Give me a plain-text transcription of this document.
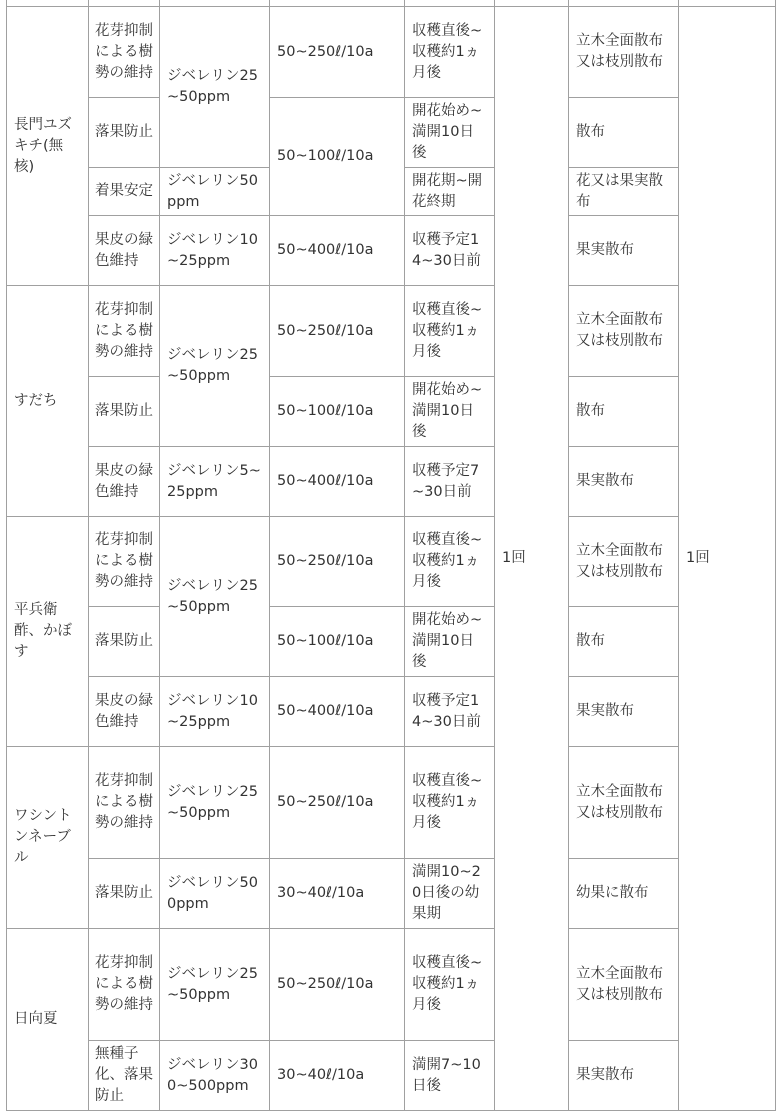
長門ユズキチ(無核)	花芽抑制による樹勢の維持	ジベレリン25~50ppm	50~250ℓ/10a	収穫直後~収穫約1ヵ月後	1回	立木全面散布又は枝別散布	1回
	落果防止		50~100ℓ/10a	開花始め~満開10日後		散布	
	着果安定	ジベレリン50ppm		開花期~開花終期		花又は果実散布	
	果皮の緑色維持	ジベレリン10~25ppm	50~400ℓ/10a	収穫予定14~30日前		果実散布	
すだち	花芽抑制による樹勢の維持	ジベレリン25~50ppm	50~250ℓ/10a	収穫直後~収穫約1ヵ月後		立木全面散布又は枝別散布	
	落果防止		50~100ℓ/10a	開花始め~満開10日後		散布	
	果皮の緑色維持	ジベレリン5~25ppm	50~400ℓ/10a	収穫予定7~30日前		果実散布	
平兵衛酢、かぼす	花芽抑制による樹勢の維持	ジベレリン25~50ppm	50~250ℓ/10a	収穫直後~収穫約1ヵ月後		立木全面散布又は枝別散布	
	落果防止		50~100ℓ/10a	開花始め~満開10日後		散布	
	果皮の緑色維持	ジベレリン10~25ppm	50~400ℓ/10a	収穫予定14~30日前		果実散布	
ワシントンネーブル	花芽抑制による樹勢の維持	ジベレリン25~50ppm	50~250ℓ/10a	収穫直後~収穫約1ヵ月後		立木全面散布又は枝別散布	
	落果防止	ジベレリン500ppm	30~40ℓ/10a	満開10~20日後の幼果期		幼果に散布	
日向夏	花芽抑制による樹勢の維持	ジベレリン25~50ppm	50~250ℓ/10a	収穫直後~収穫約1ヵ月後		立木全面散布又は枝別散布	
	無種子化、落果防止	ジベレリン300~500ppm	30~40ℓ/10a	満開7~10日後		果実散布	
